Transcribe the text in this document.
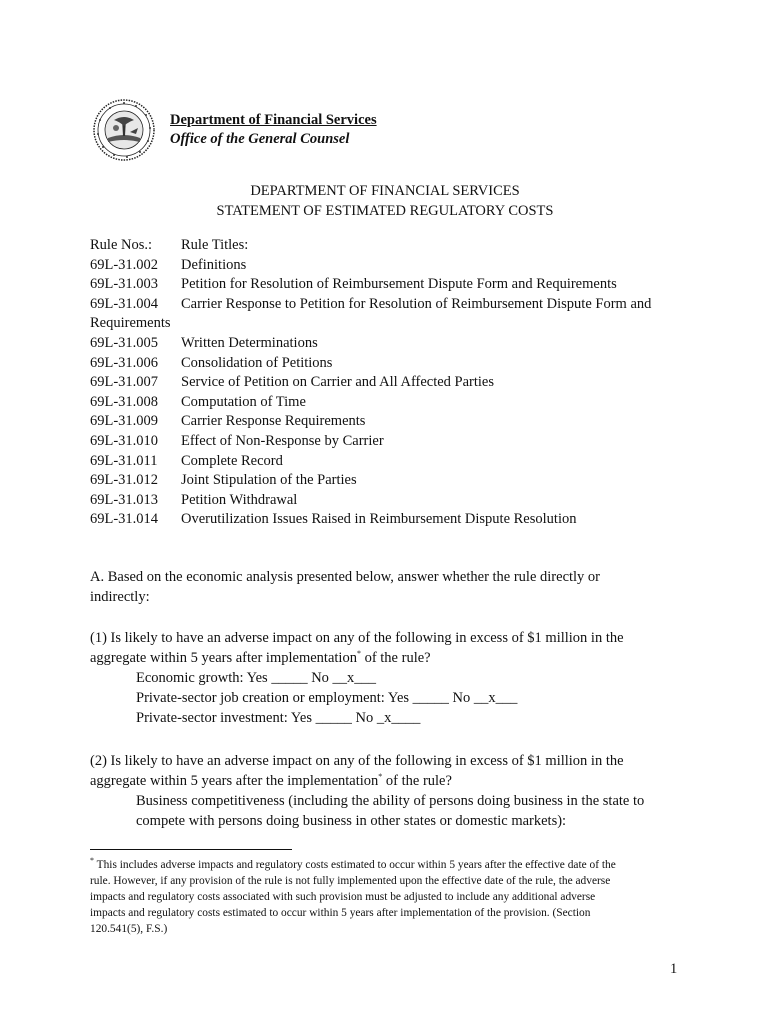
Department of Financial Services
Office of the General Counsel
DEPARTMENT OF FINANCIAL SERVICES
STATEMENT OF ESTIMATED REGULATORY COSTS
Rule Nos.:	Rule Titles:
69L-31.002	Definitions
69L-31.003	Petition for Resolution of Reimbursement Dispute Form and Requirements
69L-31.004	Carrier Response to Petition for Resolution of Reimbursement Dispute Form and
Requirements
69L-31.005	Written Determinations
69L-31.006	Consolidation of Petitions
69L-31.007	Service of Petition on Carrier and All Affected Parties
69L-31.008	Computation of Time
69L-31.009	Carrier Response Requirements
69L-31.010	Effect of Non-Response by Carrier
69L-31.011	Complete Record
69L-31.012	Joint Stipulation of the Parties
69L-31.013	Petition Withdrawal
69L-31.014	Overutilization Issues Raised in Reimbursement Dispute Resolution
A. Based on the economic analysis presented below, answer whether the rule directly or
indirectly:
(1) Is likely to have an adverse impact on any of the following in excess of $1 million in the
aggregate within 5 years after implementation* of the rule?
Economic growth: Yes _____ No __x___
Private-sector job creation or employment: Yes _____ No __x___
Private-sector investment: Yes _____ No _x____
(2) Is likely to have an adverse impact on any of the following in excess of $1 million in the
aggregate within 5 years after the implementation* of the rule?
Business competitiveness (including the ability of persons doing business in the state to
compete with persons doing business in other states or domestic markets):
* This includes adverse impacts and regulatory costs estimated to occur within 5 years after the effective date of the
rule. However, if any provision of the rule is not fully implemented upon the effective date of the rule, the adverse
impacts and regulatory costs associated with such provision must be adjusted to include any additional adverse
impacts and regulatory costs estimated to occur within 5 years after implementation of the provision. (Section
120.541(5), F.S.)
1
